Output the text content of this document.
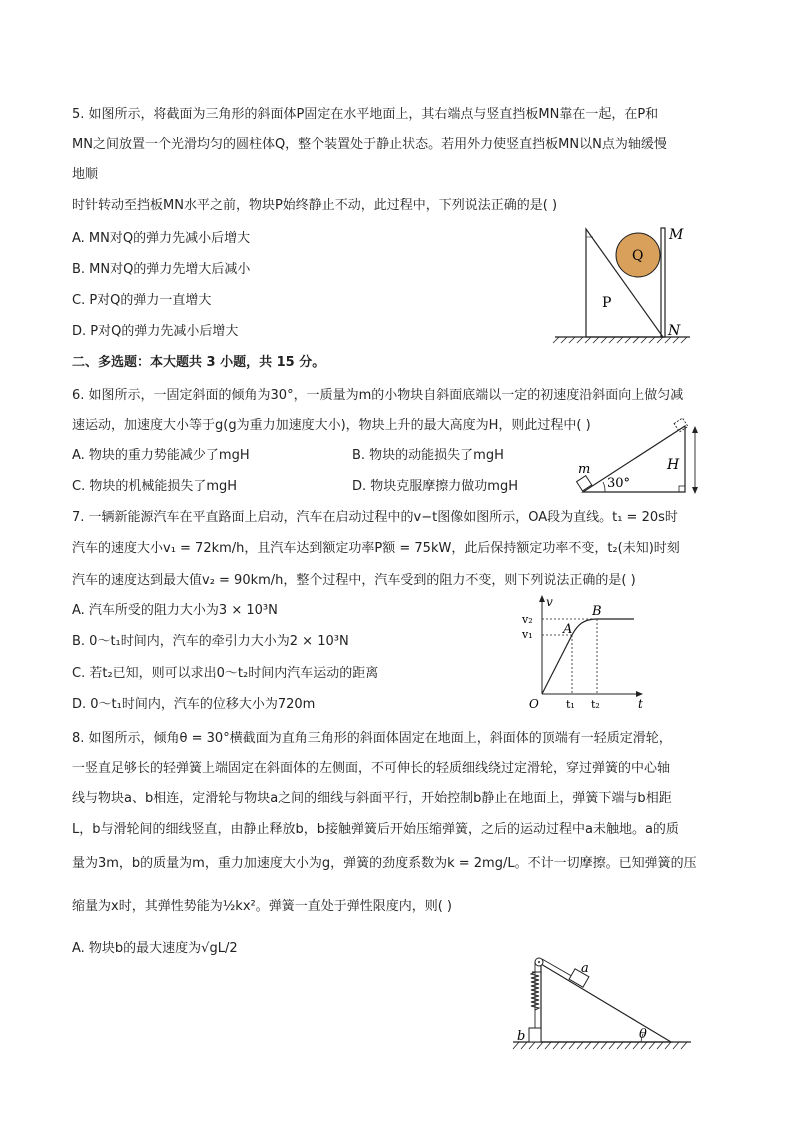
5. 如图所示，将截面为三角形的斜面体P固定在水平地面上，其右端点与竖直挡板MN靠在一起，在P和
MN之间放置一个光滑均匀的圆柱体Q，整个装置处于静止状态。若用外力使竖直挡板MN以N点为轴缓慢
地顺
时针转动至挡板MN水平之前，物块P始终静止不动，此过程中，下列说法正确的是( )
A. MN对Q的弹力先减小后增大
B. MN对Q的弹力先增大后减小
C. P对Q的弹力一直增大
D. P对Q的弹力先减小后增大
Q
P
M
N
二、多选题：本大题共 3 小题，共 15 分。
6. 如图所示，一固定斜面的倾角为30°，一质量为m的小物块自斜面底端以一定的初速度沿斜面向上做匀减
速运动，加速度大小等于g(g为重力加速度大小)，物块上升的最大高度为H，则此过程中( )
A. 物块的重力势能减少了mgH	B. 物块的动能损失了mgH
C. 物块的机械能损失了mgH	D. 物块克服摩擦力做功mgH	30°
m	H
7. 一辆新能源汽车在平直路面上启动，汽车在启动过程中的v−t图像如图所示，OA段为直线。t₁ = 20s时
汽车的速度大小v₁ = 72km/h，且汽车达到额定功率P额 = 75kW，此后保持额定功率不变，t₂(未知)时刻
汽车的速度达到最大值v₂ = 90km/h，整个过程中，汽车受到的阻力不变，则下列说法正确的是( )
A. 汽车所受的阻力大小为3 × 10³N
B. 0～t₁时间内，汽车的牵引力大小为2 × 10³N
C. 若t₂已知，则可以求出0～t₂时间内汽车运动的距离
D. 0～t₁时间内，汽车的位移大小为720m
v
t
O
v₂
v₁
t₁ t₂
A
B
8. 如图所示，倾角θ = 30°横截面为直角三角形的斜面体固定在地面上，斜面体的顶端有一轻质定滑轮，
一竖直足够长的轻弹簧上端固定在斜面体的左侧面，不可伸长的轻质细线绕过定滑轮，穿过弹簧的中心轴
线与物块a、b相连，定滑轮与物块a之间的细线与斜面平行，开始控制b静止在地面上，弹簧下端与b相距
L，b与滑轮间的细线竖直，由静止释放b，b接触弹簧后开始压缩弹簧，之后的运动过程中a未触地。a的质
量为3m，b的质量为m，重力加速度大小为g，弹簧的劲度系数为k = 2mg/L。不计一切摩擦。已知弹簧的压
缩量为x时，其弹性势能为½kx²。弹簧一直处于弹性限度内，则( )
A. 物块b的最大速度为√gL/2
a
b	θ
